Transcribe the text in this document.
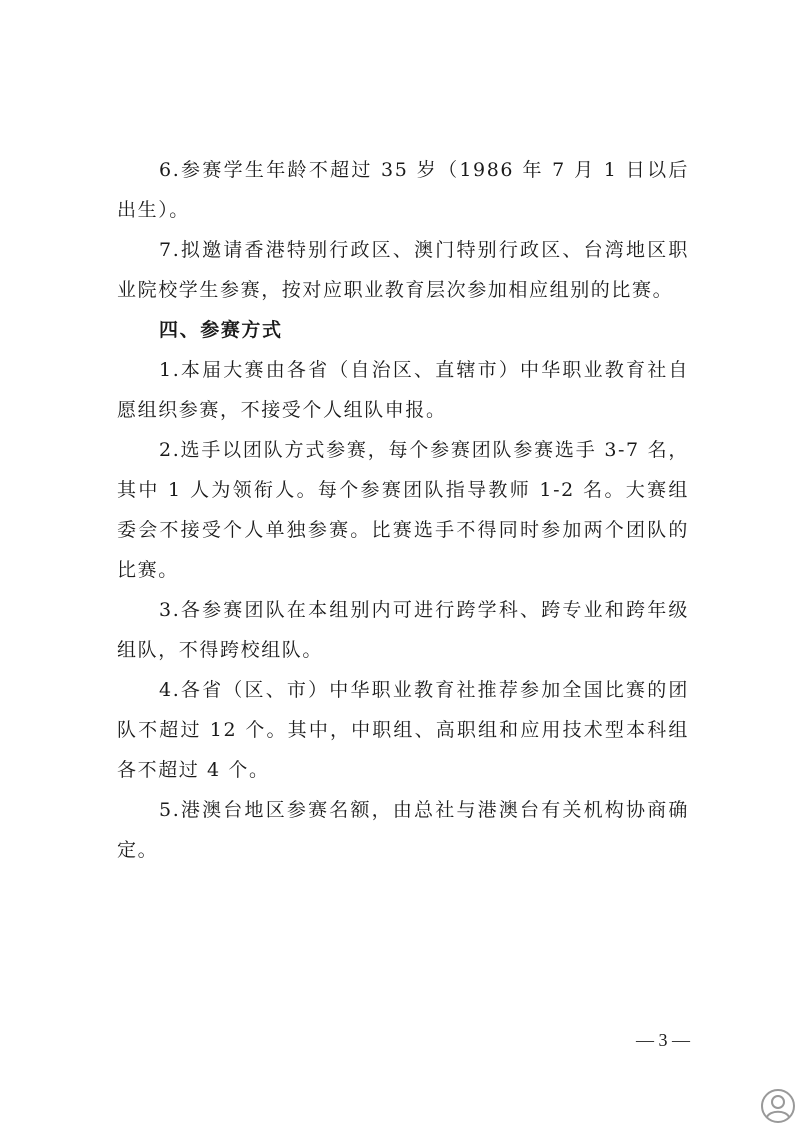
6.参赛学生年龄不超过 35 岁（1986 年 7 月 1 日以后出生）。

7.拟邀请香港特别行政区、澳门特别行政区、台湾地区职业院校学生参赛，按对应职业教育层次参加相应组别的比赛。

四、参赛方式

1.本届大赛由各省（自治区、直辖市）中华职业教育社自愿组织参赛，不接受个人组队申报。

2.选手以团队方式参赛，每个参赛团队参赛选手 3-7 名，其中 1 人为领衔人。每个参赛团队指导教师 1-2 名。大赛组委会不接受个人单独参赛。比赛选手不得同时参加两个团队的比赛。

3.各参赛团队在本组别内可进行跨学科、跨专业和跨年级组队，不得跨校组队。

4.各省（区、市）中华职业教育社推荐参加全国比赛的团队不超过 12 个。其中，中职组、高职组和应用技术型本科组各不超过 4 个。

5.港澳台地区参赛名额，由总社与港澳台有关机构协商确定。

— 3 —
